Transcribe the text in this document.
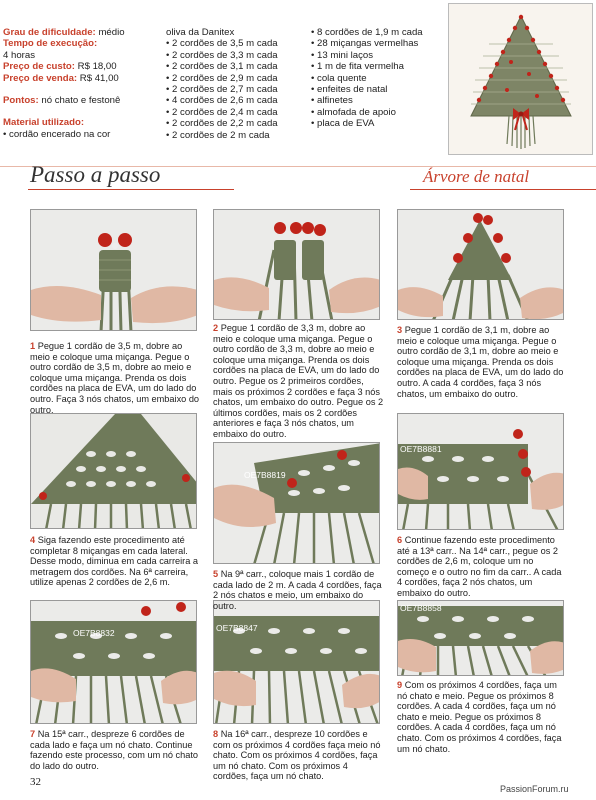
Grau de dificuldade: médio
Tempo de execução:
4 horas
Preço de custo: R$ 18,00
Preço de venda: R$ 41,00
Pontos: nó chato e festonê
Material utilizado:
• cordão encerado na cor
oliva da Danitex
• 2 cordões de 3,5 m cada
• 2 cordões de 3,3 m cada
• 2 cordões de 3,1 m cada
• 2 cordões de 2,9 m cada
• 2 cordões de 2,7 m cada
• 4 cordões de 2,6 m cada
• 2 cordões de 2,4 m cada
• 2 cordões de 2,2 m cada
• 2 cordões de 2 m cada
• 8 cordões de 1,9 m cada
• 28 miçangas vermelhas
• 13 mini laços
• 1 m de fita vermelha
• cola quente
• enfeites de natal
• alfinetes
• almofada de apoio
• placa de EVA
Passo a passo	Árvore de natal
OE7B8819
OE7B8881
OE7B8832	OE7B8847
OE7B8858
1 Pegue 1 cordão de 3,5 m, dobre ao meio e coloque uma miçanga. Pegue o outro cordão de 3,5 m, dobre ao meio e coloque uma miçanga. Prenda os dois cordões na placa de EVA, um do lado do outro. Faça 3 nós chatos, um embaixo do outro.
2 Pegue 1 cordão de 3,3 m, dobre ao meio e coloque uma miçanga. Pegue o outro cordão de 3,3 m, dobre ao meio e coloque uma miçanga. Prenda os dois cordões na placa de EVA, um do lado do outro. Pegue os 2 primeiros cordões, mais os próximos 2 cordões e faça 3 nós chatos, um embaixo do outro. Pegue os 2 últimos cordões, mais os 2 cordões anteriores e faça 3 nós chatos, um embaixo do outro.
3 Pegue 1 cordão de 3,1 m, dobre ao meio e coloque uma miçanga. Pegue o outro cordão de 3,1 m, dobre ao meio e coloque uma miçanga. Prenda os dois cordões na placa de EVA, um do lado do outro. A cada 4 cordões, faça 3 nós chatos, um embaixo do outro.
4 Siga fazendo este procedimento até completar 8 miçangas em cada lateral. Desse modo, diminua em cada carreira a metragem dos cordões. Na 6ª carreira, utilize apenas 2 cordões de 2,6 m.
5 Na 9ª carr., coloque mais 1 cordão de cada lado de 2 m. A cada 4 cordões, faça 2 nós chatos e meio, um embaixo do outro.
6 Continue fazendo este procedimento até a 13ª carr.. Na 14ª carr., pegue os 2 cordões de 2,6 m, coloque um no começo e o outro no fim da carr.. A cada 4 cordões, faça 2 nós chatos, um embaixo do outro.
7 Na 15ª carr., despreze 6 cordões de cada lado e faça um nó chato. Continue fazendo este processo, com um nó chato do lado do outro.
8 Na 16ª carr., despreze 10 cordões e com os próximos 4 cordões faça meio nó chato. Com os próximos 4 cordões, faça um nó chato. Com os próximos 4 cordões, faça um nó chato.
9 Com os próximos 4 cordões, faça um nó chato e meio. Pegue os próximos 8 cordões. A cada 4 cordões, faça um nó chato e meio. Pegue os próximos 8 cordões. A cada 4 cordões, faça um nó chato. Com os próximos 4 cordões, faça um nó chato.
32
PassionForum.ru
